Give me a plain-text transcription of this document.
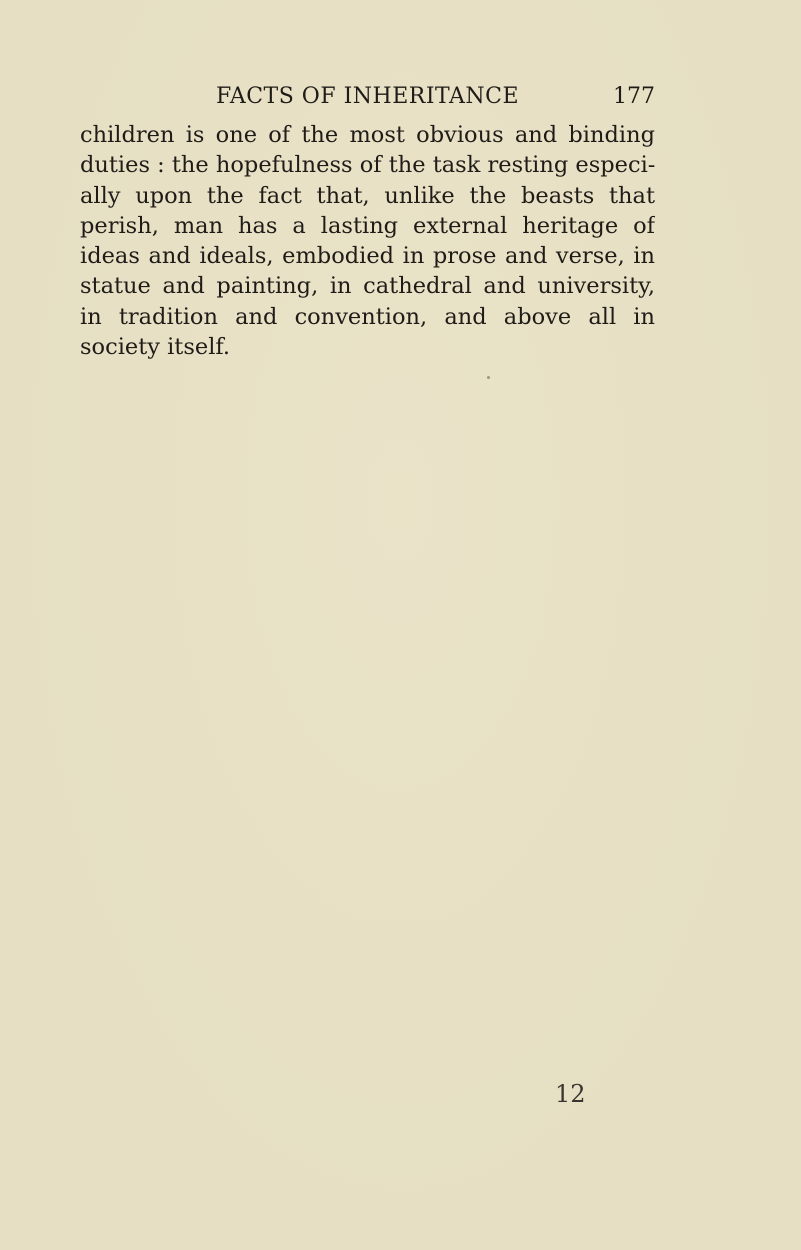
FACTS OF INHERITANCE	177

children is one of the most obvious and binding
duties : the hopefulness of the task resting especi-
ally upon the fact that, unlike the beasts that
perish, man has a lasting external heritage of
ideas and ideals, embodied in prose and verse, in
statue and painting, in cathedral and university,
in tradition and convention, and above all in
society itself.

12
